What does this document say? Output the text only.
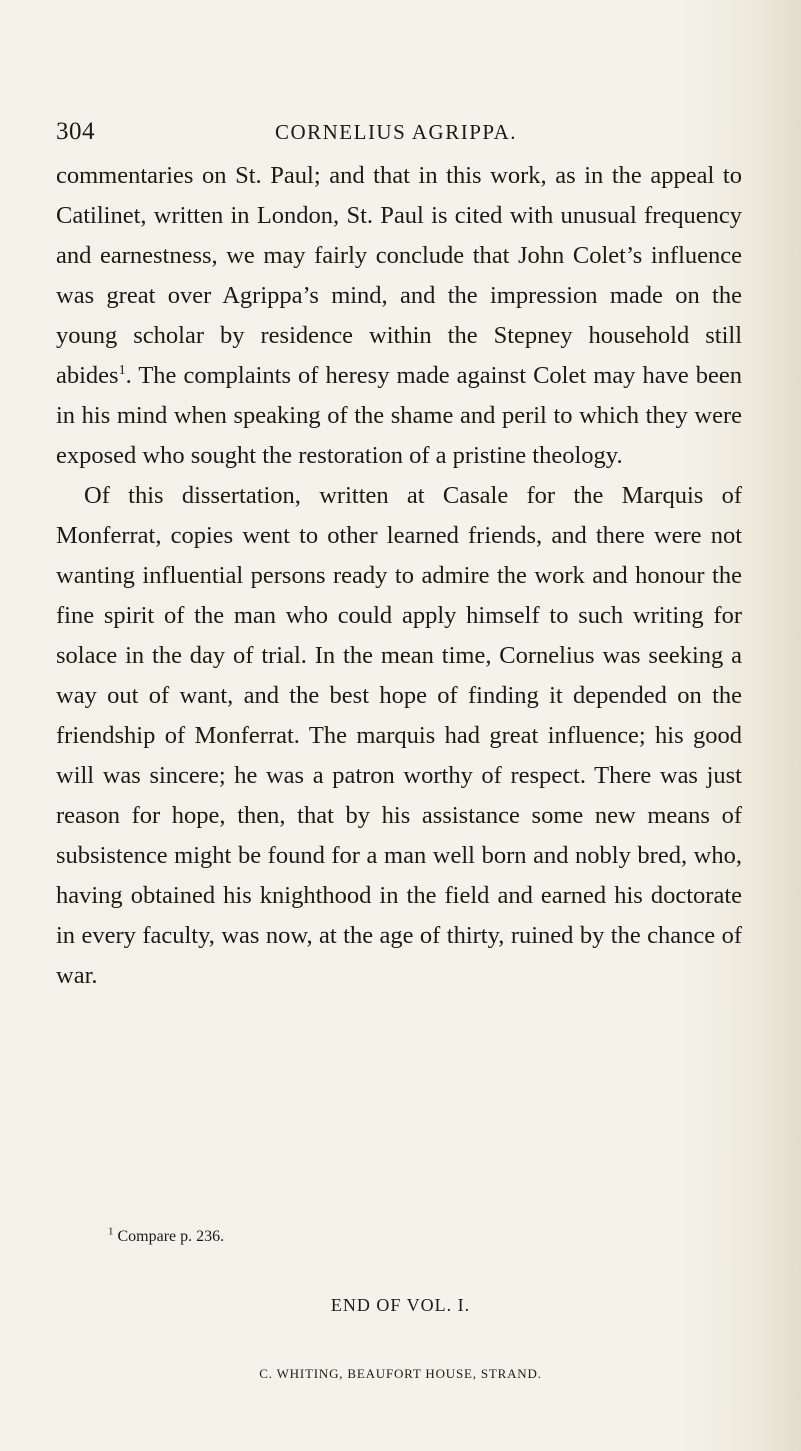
304	CORNELIUS AGRIPPA.

commentaries on St. Paul; and that in this work, as in the appeal to Catilinet, written in London, St. Paul is cited with unusual frequency and earnestness, we may fairly conclude that John Colet’s influence was great over Agrippa’s mind, and the impression made on the young scholar by residence within the Stepney household still abides$^1$. The complaints of heresy made against Colet may have been in his mind when speaking of the shame and peril to which they were exposed who sought the restoration of a pristine theology.

Of this dissertation, written at Casale for the Marquis of Monferrat, copies went to other learned friends, and there were not wanting influential persons ready to admire the work and honour the fine spirit of the man who could apply himself to such writing for solace in the day of trial. In the mean time, Cornelius was seeking a way out of want, and the best hope of finding it depended on the friendship of Monferrat. The marquis had great influence; his good will was sincere; he was a patron worthy of respect. There was just reason for hope, then, that by his assistance some new means of subsistence might be found for a man well born and nobly bred, who, having obtained his knighthood in the field and earned his doctorate in every faculty, was now, at the age of thirty, ruined by the chance of war.

$^1$ Compare p. 236.
END OF VOL. I.
C. WHITING, BEAUFORT HOUSE, STRAND.
